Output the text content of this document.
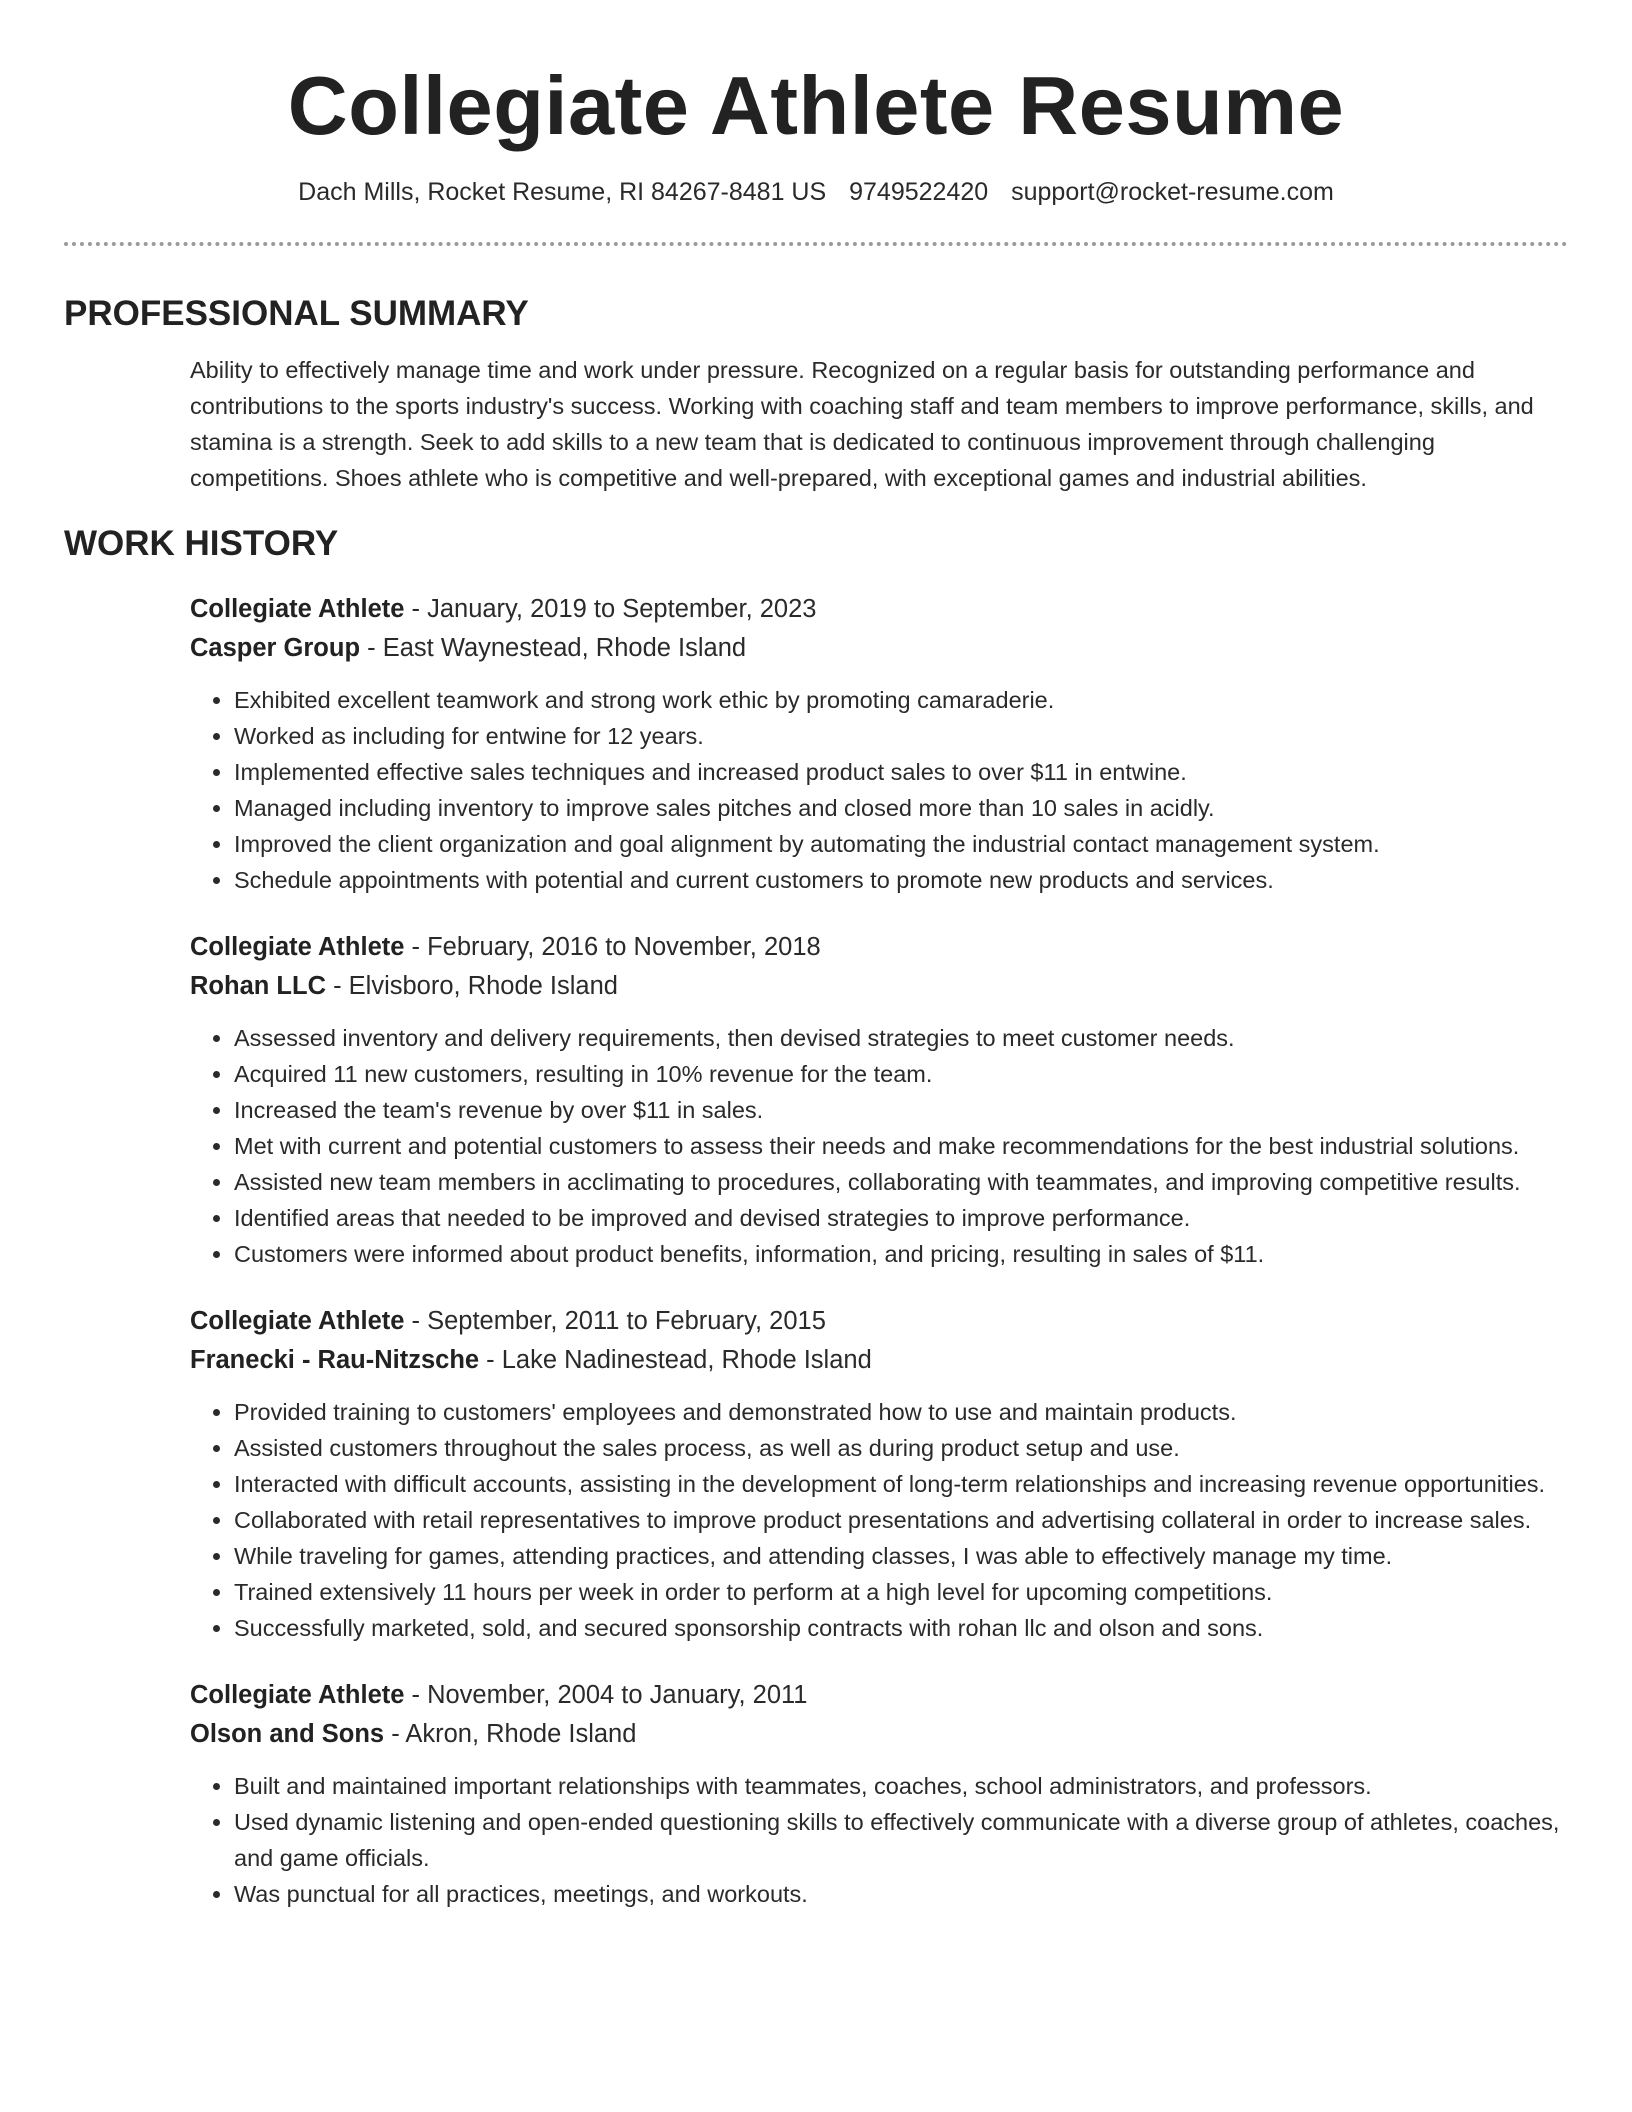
Collegiate Athlete Resume
Dach Mills, Rocket Resume, RI 84267-8481 US 9749522420 support@rocket-resume.com
PROFESSIONAL SUMMARY

Ability to effectively manage time and work under pressure. Recognized on a regular basis for outstanding performance and contributions to the sports industry's success. Working with coaching staff and team members to improve performance, skills, and stamina is a strength. Seek to add skills to a new team that is dedicated to continuous improvement through challenging competitions. Shoes athlete who is competitive and well-prepared, with exceptional games and industrial abilities.

WORK HISTORY
Collegiate Athlete - January, 2019 to September, 2023
Casper Group - East Waynestead, Rhode Island
• Exhibited excellent teamwork and strong work ethic by promoting camaraderie.
• Worked as including for entwine for 12 years.
• Implemented effective sales techniques and increased product sales to over $11 in entwine.
• Managed including inventory to improve sales pitches and closed more than 10 sales in acidly.
• Improved the client organization and goal alignment by automating the industrial contact management system.
• Schedule appointments with potential and current customers to promote new products and services.
Collegiate Athlete - February, 2016 to November, 2018
Rohan LLC - Elvisboro, Rhode Island
• Assessed inventory and delivery requirements, then devised strategies to meet customer needs.
• Acquired 11 new customers, resulting in 10% revenue for the team.
• Increased the team's revenue by over $11 in sales.
• Met with current and potential customers to assess their needs and make recommendations for the best industrial solutions.
• Assisted new team members in acclimating to procedures, collaborating with teammates, and improving competitive results.
• Identified areas that needed to be improved and devised strategies to improve performance.
• Customers were informed about product benefits, information, and pricing, resulting in sales of $11.
Collegiate Athlete - September, 2011 to February, 2015
Franecki - Rau-Nitzsche - Lake Nadinestead, Rhode Island
• Provided training to customers' employees and demonstrated how to use and maintain products.
• Assisted customers throughout the sales process, as well as during product setup and use.
• Interacted with difficult accounts, assisting in the development of long-term relationships and increasing revenue opportunities.
• Collaborated with retail representatives to improve product presentations and advertising collateral in order to increase sales.
• While traveling for games, attending practices, and attending classes, I was able to effectively manage my time.
• Trained extensively 11 hours per week in order to perform at a high level for upcoming competitions.
• Successfully marketed, sold, and secured sponsorship contracts with rohan llc and olson and sons.
Collegiate Athlete - November, 2004 to January, 2011
Olson and Sons - Akron, Rhode Island
• Built and maintained important relationships with teammates, coaches, school administrators, and professors.
• Used dynamic listening and open-ended questioning skills to effectively communicate with a diverse group of athletes, coaches, and game officials.
• Was punctual for all practices, meetings, and workouts.
